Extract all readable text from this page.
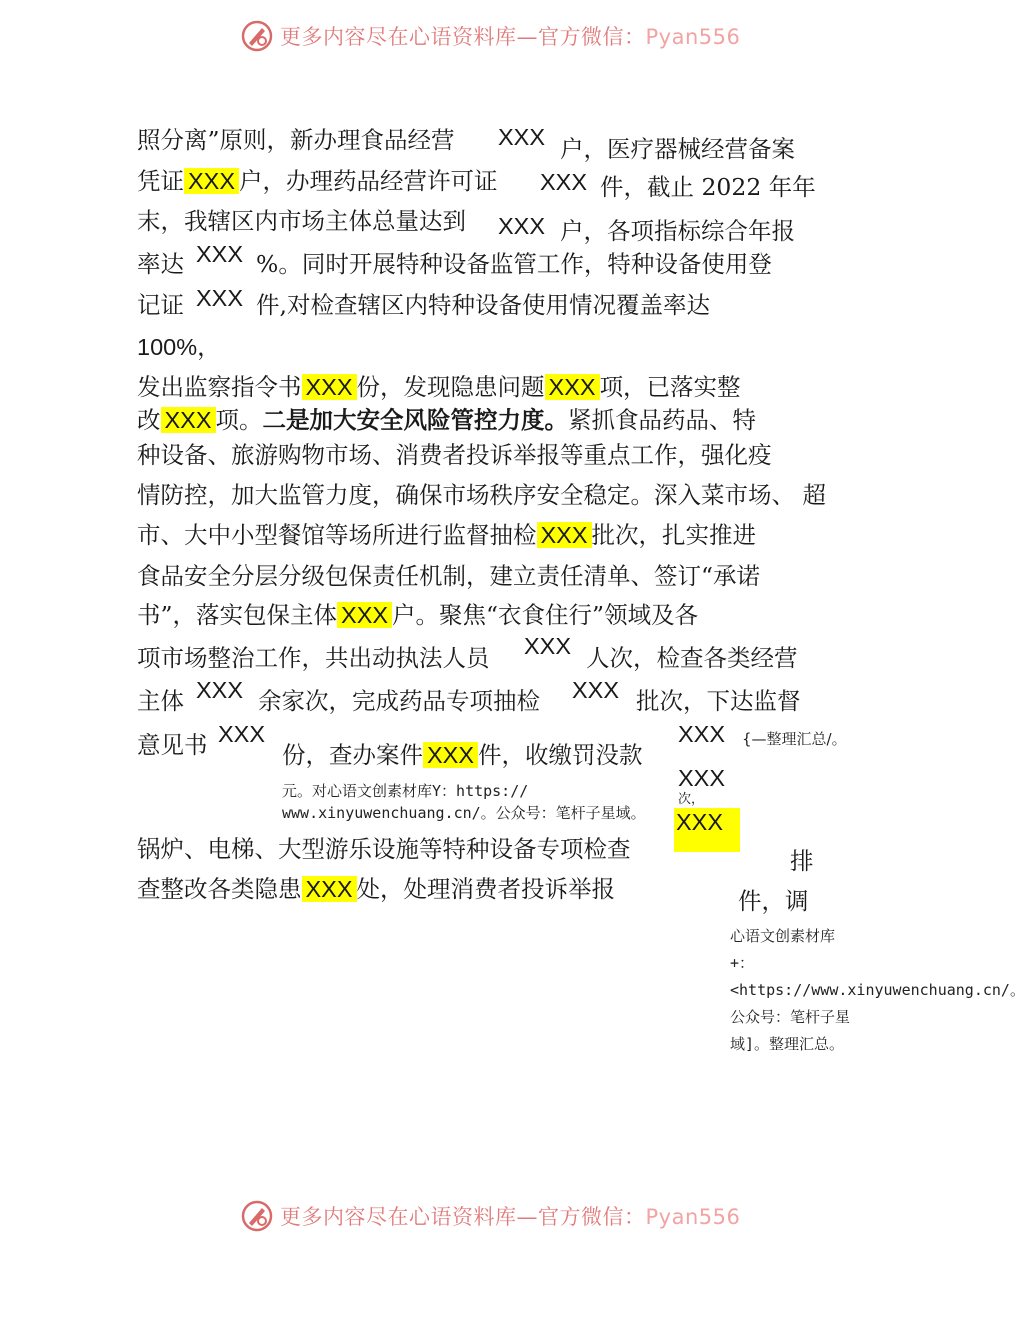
更多内容尽在心语资料库—官方微信：Pyan556
照分离”原则，新办理食品经营 XXX 户，医疗器械经营备案
凭证 XXX 户，办理药品经营许可证 XXX 件，截止 2022 年年
末，我辖区内市场主体总量达到 XXX 户，各项指标综合年报
率达 XXX %。同时开展特种设备监管工作，特种设备使用登
记证 XXX 件,对检查辖区内特种设备使用情况覆盖率达
100%，
发出监察指令书 XXX 份，发现隐患问题 XXX 项，已落实整
改 XXX 项。二是加大安全风险管控力度。紧抓食品药品、特
种设备、旅游购物市场、消费者投诉举报等重点工作，强化疫
情防控，加大监管力度，确保市场秩序安全稳定。深入菜市场、 超
市、大中小型餐馆等场所进行监督抽检 XXX 批次，扎实推进
食品安全分层分级包保责任机制，建立责任清单、签订“承诺
书”，落实包保主体 XXX 户。聚焦“衣食住行”领域及各
项市场整治工作，共出动执法人员 XXX 人次，检查各类经营
主体 XXX 余家次，完成药品专项抽检 XXX 批次，下达监督
意见书 XXX
份，查办案件 XXX 件，收缴罚没款
XXX {—整理汇总/。
元。对心语文创素材库Y：https://	XXX
次，
www.xinyuwenchuang.cn/。公众号：笔杆子星域。 XXX
锅炉、电梯、大型游乐设施等特种设备专项检查	排
查整改各类隐患 XXX 处，处理消费者投诉举报	件，调
心语文创素材库+：<https://www.xinyuwenchuang.cn/。公众号：笔杆子星域]。整理汇总。
更多内容尽在心语资料库—官方微信：Pyan556
